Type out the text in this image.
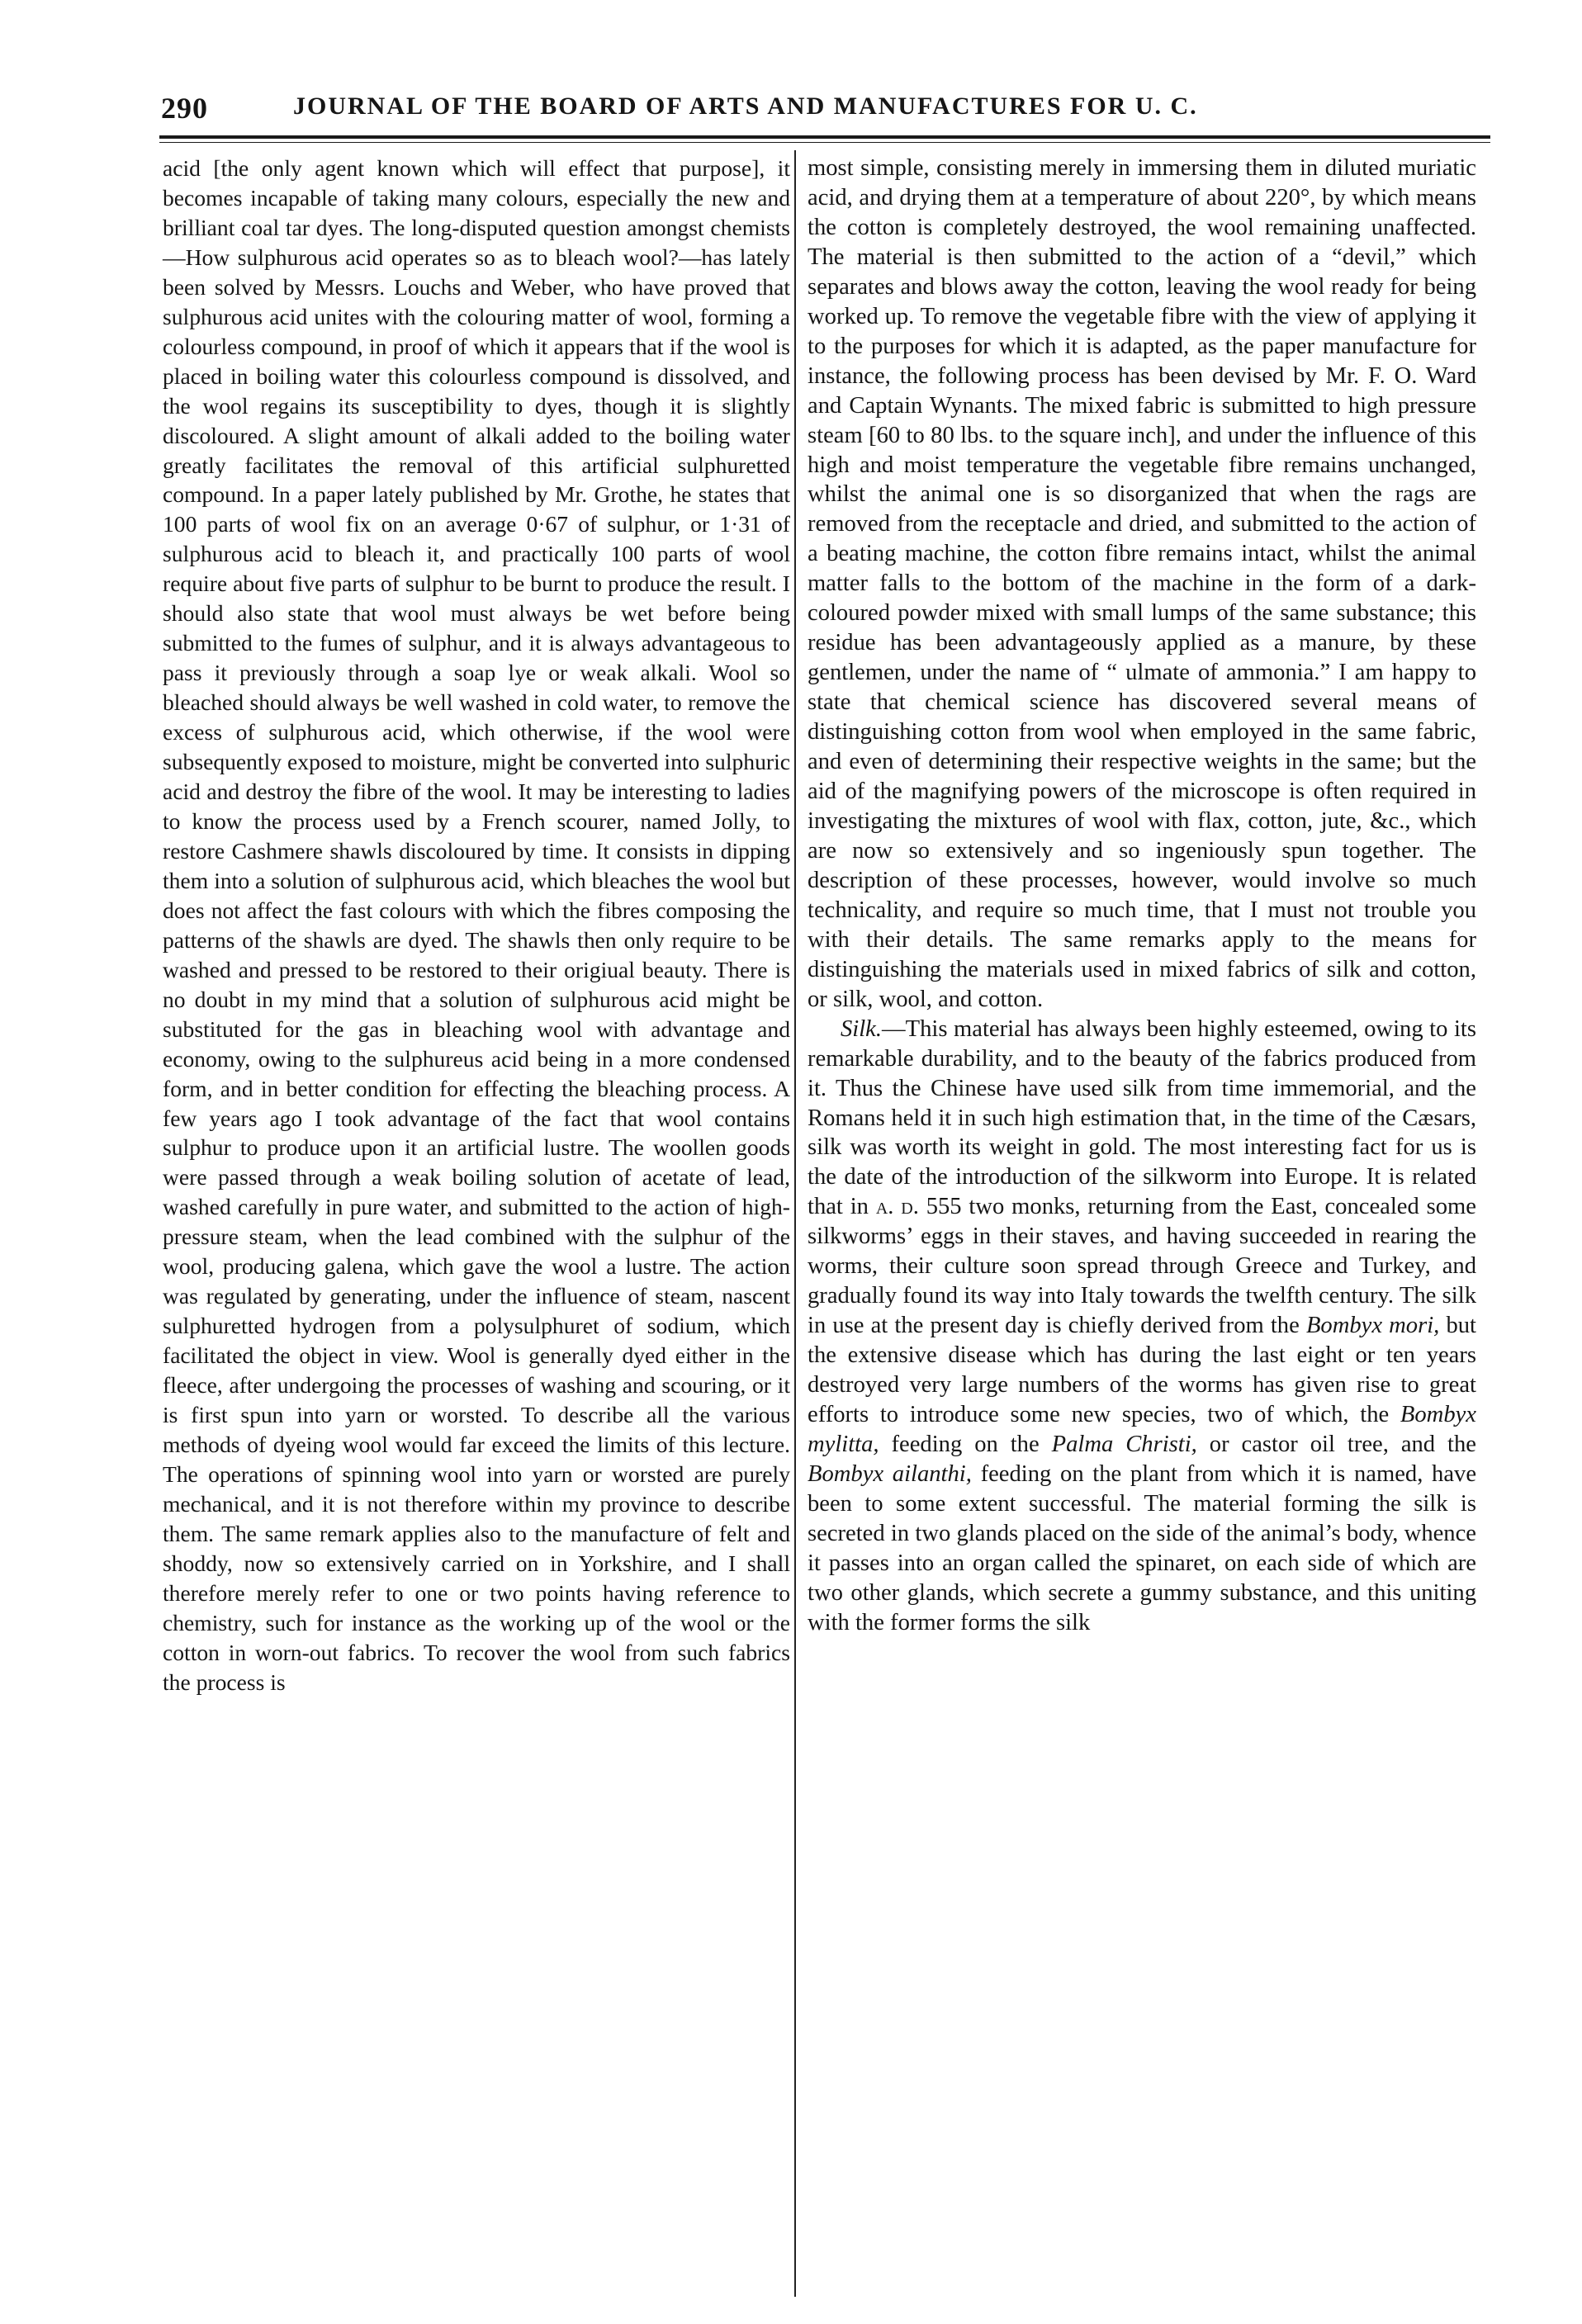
290	JOURNAL OF THE BOARD OF ARTS AND MANUFACTURES FOR U. C.

acid [the only agent known which will effect that purpose], it becomes incapable of taking many colours, especially the new and brilliant coal tar dyes. The long-disputed question amongst chemists—How sulphurous acid operates so as to bleach wool?—has lately been solved by Messrs. Louchs and Weber, who have proved that sulphurous acid unites with the colouring matter of wool, forming a colourless compound, in proof of which it appears that if the wool is placed in boiling water this colourless compound is dissolved, and the wool regains its susceptibility to dyes, though it is slightly discoloured. A slight amount of alkali added to the boiling water greatly facilitates the removal of this artificial sulphuretted compound. In a paper lately published by Mr. Grothe, he states that 100 parts of wool fix on an average 0·67 of sulphur, or 1·31 of sulphurous acid to bleach it, and practically 100 parts of wool require about five parts of sulphur to be burnt to produce the result. I should also state that wool must always be wet before being submitted to the fumes of sulphur, and it is always advantageous to pass it previously through a soap lye or weak alkali. Wool so bleached should always be well washed in cold water, to remove the excess of sulphurous acid, which otherwise, if the wool were subsequently exposed to moisture, might be converted into sulphuric acid and destroy the fibre of the wool. It may be interesting to ladies to know the process used by a French scourer, named Jolly, to restore Cashmere shawls discoloured by time. It consists in dipping them into a solution of sulphurous acid, which bleaches the wool but does not affect the fast colours with which the fibres composing the patterns of the shawls are dyed. The shawls then only require to be washed and pressed to be restored to their origiual beauty. There is no doubt in my mind that a solution of sulphurous acid might be substituted for the gas in bleaching wool with advantage and economy, owing to the sulphureus acid being in a more condensed form, and in better condition for effecting the bleaching process. A few years ago I took advantage of the fact that wool contains sulphur to produce upon it an artificial lustre. The woollen goods were passed through a weak boiling solution of acetate of lead, washed carefully in pure water, and submitted to the action of high-pressure steam, when the lead combined with the sulphur of the wool, producing galena, which gave the wool a lustre. The action was regulated by generating, under the influence of steam, nascent sulphuretted hydrogen from a polysulphuret of sodium, which facilitated the object in view. Wool is generally dyed either in the fleece, after undergoing the processes of washing and scouring, or it is first spun into yarn or worsted. To describe all the various methods of dyeing wool would far exceed the limits of this lecture. The operations of spinning wool into yarn or worsted are purely mechanical, and it is not therefore within my province to describe them. The same remark applies also to the manufacture of felt and shoddy, now so extensively carried on in Yorkshire, and I shall therefore merely refer to one or two points having reference to chemistry, such for instance as the working up of the wool or the cotton in worn-out fabrics. To recover the wool from such fabrics the process is

most simple, consisting merely in immersing them in diluted muriatic acid, and drying them at a temperature of about 220°, by which means the cotton is completely destroyed, the wool remaining unaffected. The material is then submitted to the action of a “devil,” which separates and blows away the cotton, leaving the wool ready for being worked up. To remove the vegetable fibre with the view of applying it to the purposes for which it is adapted, as the paper manufacture for instance, the following process has been devised by Mr. F. O. Ward and Captain Wynants. The mixed fabric is submitted to high pressure steam [60 to 80 lbs. to the square inch], and under the influence of this high and moist temperature the vegetable fibre remains unchanged, whilst the animal one is so disorganized that when the rags are removed from the receptacle and dried, and submitted to the action of a beating machine, the cotton fibre remains intact, whilst the animal matter falls to the bottom of the machine in the form of a dark-coloured powder mixed with small lumps of the same substance; this residue has been advantageously applied as a manure, by these gentlemen, under the name of “ ulmate of ammonia.” I am happy to state that chemical science has discovered several means of distinguishing cotton from wool when employed in the same fabric, and even of determining their respective weights in the same; but the aid of the magnifying powers of the microscope is often required in investigating the mixtures of wool with flax, cotton, jute, &c., which are now so extensively and so ingeniously spun together. The description of these processes, however, would involve so much technicality, and require so much time, that I must not trouble you with their details. The same remarks apply to the means for distinguishing the materials used in mixed fabrics of silk and cotton, or silk, wool, and cotton.

Silk.—This material has always been highly esteemed, owing to its remarkable durability, and to the beauty of the fabrics produced from it. Thus the Chinese have used silk from time immemorial, and the Romans held it in such high estimation that, in the time of the Cæsars, silk was worth its weight in gold. The most interesting fact for us is the date of the introduction of the silkworm into Europe. It is related that in a. d. 555 two monks, returning from the East, concealed some silkworms’ eggs in their staves, and having succeeded in rearing the worms, their culture soon spread through Greece and Turkey, and gradually found its way into Italy towards the twelfth century. The silk in use at the present day is chiefly derived from the Bombyx mori, but the extensive disease which has during the last eight or ten years destroyed very large numbers of the worms has given rise to great efforts to introduce some new species, two of which, the Bombyx mylitta, feeding on the Palma Christi, or castor oil tree, and the Bombyx ailanthi, feeding on the plant from which it is named, have been to some extent successful. The material forming the silk is secreted in two glands placed on the side of the animal’s body, whence it passes into an organ called the spinaret, on each side of which are two other glands, which secrete a gummy substance, and this uniting with the former forms the silk
